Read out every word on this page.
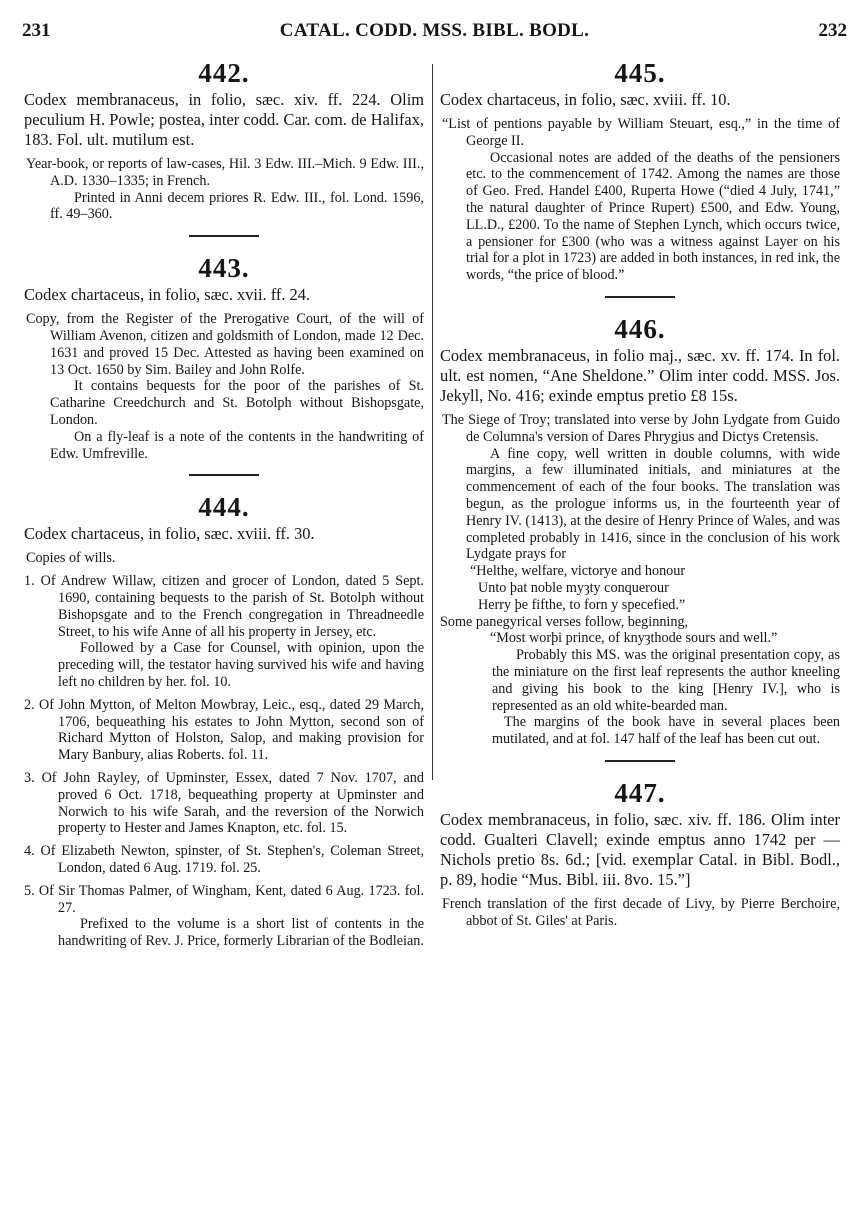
231	CATAL. CODD. MSS. BIBL. BODL.	232
442.
Codex membranaceus, in folio, sæc. xiv. ff. 224. Olim peculium H. Powle; postea, inter codd. Car. com. de Halifax, 183. Fol. ult. mutilum est.

Year-book, or reports of law-cases, Hil. 3 Edw. III.–Mich. 9 Edw. III., A.D. 1330–1335; in French.

Printed in Anni decem priores R. Edw. III., fol. Lond. 1596, ff. 49–360.

443.
Codex chartaceus, in folio, sæc. xvii. ff. 24.

Copy, from the Register of the Prerogative Court, of the will of William Avenon, citizen and goldsmith of London, made 12 Dec. 1631 and proved 15 Dec. Attested as having been examined on 13 Oct. 1650 by Sim. Bailey and John Rolfe.

It contains bequests for the poor of the parishes of St. Catharine Creedchurch and St. Botolph without Bishopsgate, London.

On a fly-leaf is a note of the contents in the handwriting of Edw. Umfreville.

444.
Codex chartaceus, in folio, sæc. xviii. ff. 30.

Copies of wills.

1. Of Andrew Willaw, citizen and grocer of London, dated 5 Sept. 1690, containing bequests to the parish of St. Botolph without Bishopsgate and to the French congregation in Threadneedle Street, to his wife Anne of all his property in Jersey, etc.

Followed by a Case for Counsel, with opinion, upon the preceding will, the testator having survived his wife and having left no children by her. fol. 10.

2. Of John Mytton, of Melton Mowbray, Leic., esq., dated 29 March, 1706, bequeathing his estates to John Mytton, second son of Richard Mytton of Holston, Salop, and making provision for Mary Banbury, alias Roberts. fol. 11.

3. Of John Rayley, of Upminster, Essex, dated 7 Nov. 1707, and proved 6 Oct. 1718, bequeathing property at Upminster and Norwich to his wife Sarah, and the reversion of the Norwich property to Hester and James Knapton, etc. fol. 15.

4. Of Elizabeth Newton, spinster, of St. Stephen's, Coleman Street, London, dated 6 Aug. 1719. fol. 25.

5. Of Sir Thomas Palmer, of Wingham, Kent, dated 6 Aug. 1723. fol. 27.

Prefixed to the volume is a short list of contents in the handwriting of Rev. J. Price, formerly Librarian of the Bodleian.

445.
Codex chartaceus, in folio, sæc. xviii. ff. 10.

“List of pentions payable by William Steuart, esq.,” in the time of George II.

Occasional notes are added of the deaths of the pensioners etc. to the commencement of 1742. Among the names are those of Geo. Fred. Handel £400, Ruperta Howe (“died 4 July, 1741,” the natural daughter of Prince Rupert) £500, and Edw. Young, LL.D., £200. To the name of Stephen Lynch, which occurs twice, a pensioner for £300 (who was a witness against Layer on his trial for a plot in 1723) are added in both instances, in red ink, the words, “the price of blood.”

446.
Codex membranaceus, in folio maj., sæc. xv. ff. 174. In fol. ult. est nomen, “Ane Sheldone.” Olim inter codd. MSS. Jos. Jekyll, No. 416; exinde emptus pretio £8 15s.

The Siege of Troy; translated into verse by John Lydgate from Guido de Columna's version of Dares Phrygius and Dictys Cretensis.

A fine copy, well written in double columns, with wide margins, a few illuminated initials, and miniatures at the commencement of each of the four books. The translation was begun, as the prologue informs us, in the fourteenth year of Henry IV. (1413), at the desire of Henry Prince of Wales, and was completed probably in 1416, since in the conclusion of his work Lydgate prays for

“Helthe, welfare, victorye and honour

Unto þat noble myȝty conquerour

Herry þe fifthe, to forn y specefied.”

Some panegyrical verses follow, beginning,

“Most worþi prince, of knyȝthode sours and well.”

Probably this MS. was the original presentation copy, as the miniature on the first leaf represents the author kneeling and giving his book to the king [Henry IV.], who is represented as an old white-bearded man.

The margins of the book have in several places been mutilated, and at fol. 147 half of the leaf has been cut out.

447.
Codex membranaceus, in folio, sæc. xiv. ff. 186. Olim inter codd. Gualteri Clavell; exinde emptus anno 1742 per — Nichols pretio 8s. 6d.; [vid. exemplar Catal. in Bibl. Bodl., p. 89, hodie “Mus. Bibl. iii. 8vo. 15.”]

French translation of the first decade of Livy, by Pierre Berchoire, abbot of St. Giles' at Paris.
